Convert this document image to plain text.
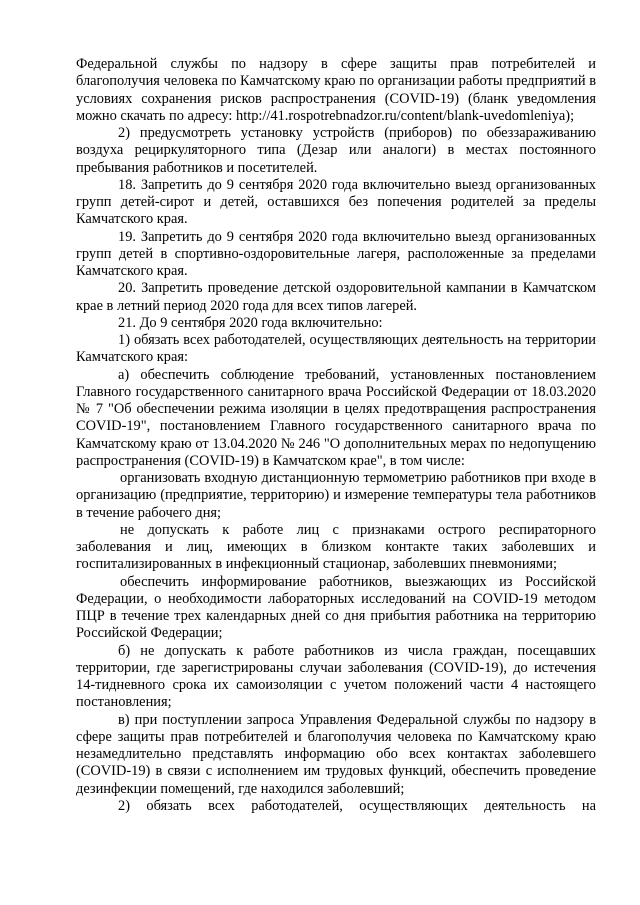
Федеральной службы по надзору в сфере защиты прав потребителей и благополучия человека по Камчатскому краю по организации работы предприятий в условиях сохранения рисков распространения (COVID-19) (бланк уведомления можно скачать по адресу: http://41.rospotrebnadzor.ru/content/blank-uvedomleniya);

2) предусмотреть установку устройств (приборов) по обеззараживанию воздуха рециркуляторного типа (Дезар или аналоги) в местах постоянного пребывания работников и посетителей.

18. Запретить до 9 сентября 2020 года включительно выезд организованных групп детей-сирот и детей, оставшихся без попечения родителей за пределы Камчатского края.

19. Запретить до 9 сентября 2020 года включительно выезд организованных групп детей в спортивно-оздоровительные лагеря, расположенные за пределами Камчатского края.

20. Запретить проведение детской оздоровительной кампании в Камчатском крае в летний период 2020 года для всех типов лагерей.

21. До 9 сентября 2020 года включительно:

1) обязать всех работодателей, осуществляющих деятельность на территории Камчатского края:

а) обеспечить соблюдение требований, установленных постановлением Главного государственного санитарного врача Российской Федерации от 18.03.2020 № 7 "Об обеспечении режима изоляции в целях предотвращения распространения COVID-19", постановлением Главного государственного санитарного врача по Камчатскому краю от 13.04.2020 № 246 "О дополнительных мерах по недопущению распространения (COVID-19) в Камчатском крае", в том числе:

организовать входную дистанционную термометрию работников при входе в организацию (предприятие, территорию) и измерение температуры тела работников в течение рабочего дня;

не допускать к работе лиц с признаками острого респираторного заболевания и лиц, имеющих в близком контакте таких заболевших и госпитализированных в инфекционный стационар, заболевших пневмониями;

обеспечить информирование работников, выезжающих из Российской Федерации, о необходимости лабораторных исследований на COVID-19 методом ПЦР в течение трех календарных дней со дня прибытия работника на территорию Российской Федерации;

б) не допускать к работе работников из числа граждан, посещавших территории, где зарегистрированы случаи заболевания (COVID-19), до истечения 14-тидневного срока их самоизоляции с учетом положений части 4 настоящего постановления;

в) при поступлении запроса Управления Федеральной службы по надзору в сфере защиты прав потребителей и благополучия человека по Камчатскому краю незамедлительно представлять информацию обо всех контактах заболевшего (COVID-19) в связи с исполнением им трудовых функций, обеспечить проведение дезинфекции помещений, где находился заболевший;

2) обязать всех работодателей, осуществляющих деятельность на
